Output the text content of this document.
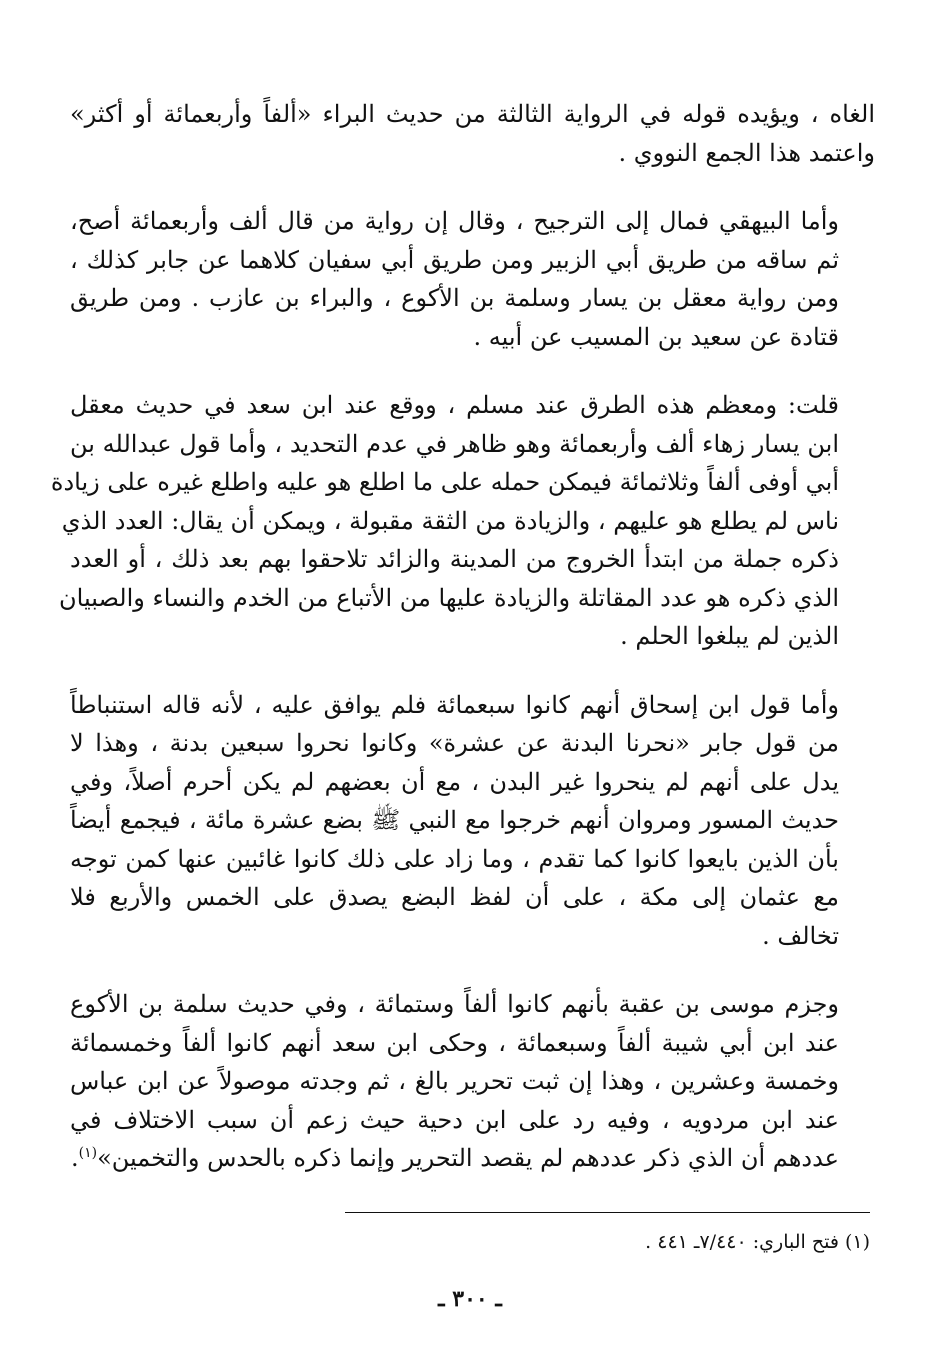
الغاه ، ويؤيده قوله في الرواية الثالثة من حديث البراء «ألفاً وأربعمائة أو أكثر»
واعتمد هذا الجمع النووي .

وأما البيهقي فمال إلى الترجيح ، وقال إن رواية من قال ألف وأربعمائة أصح،
ثم ساقه من طريق أبي الزبير ومن طريق أبي سفيان كلاهما عن جابر كذلك ،
ومن رواية معقل بن يسار وسلمة بن الأكوع ، والبراء بن عازب . ومن طريق
قتادة عن سعيد بن المسيب عن أبيه .

قلت: ومعظم هذه الطرق عند مسلم ، ووقع عند ابن سعد في حديث معقل
ابن يسار زهاء ألف وأربعمائة وهو ظاهر في عدم التحديد ، وأما قول عبدالله بن
أبي أوفى ألفاً وثلاثمائة فيمكن حمله على ما اطلع هو عليه واطلع غيره على زيادة
ناس لم يطلع هو عليهم ، والزيادة من الثقة مقبولة ، ويمكن أن يقال: العدد الذي
ذكره جملة من ابتدأ الخروج من المدينة والزائد تلاحقوا بهم بعد ذلك ، أو العدد
الذي ذكره هو عدد المقاتلة والزيادة عليها من الأتباع من الخدم والنساء والصبيان
الذين لم يبلغوا الحلم .

وأما قول ابن إسحاق أنهم كانوا سبعمائة فلم يوافق عليه ، لأنه قاله استنباطاً
من قول جابر «نحرنا البدنة عن عشرة» وكانوا نحروا سبعين بدنة ، وهذا لا
يدل على أنهم لم ينحروا غير البدن ، مع أن بعضهم لم يكن أحرم أصلاً، وفي
حديث المسور ومروان أنهم خرجوا مع النبي ﷺ بضع عشرة مائة ، فيجمع أيضاً
بأن الذين بايعوا كانوا كما تقدم ، وما زاد على ذلك كانوا غائبين عنها كمن توجه
مع عثمان إلى مكة ، على أن لفظ البضع يصدق على الخمس والأربع فلا
تخالف .

وجزم موسى بن عقبة بأنهم كانوا ألفاً وستمائة ، وفي حديث سلمة بن الأكوع
عند ابن أبي شيبة ألفاً وسبعمائة ، وحكى ابن سعد أنهم كانوا ألفاً وخمسمائة
وخمسة وعشرين ، وهذا إن ثبت تحرير بالغ ، ثم وجدته موصولاً عن ابن عباس
عند ابن مردويه ، وفيه رد على ابن دحية حيث زعم أن سبب الاختلاف في
عددهم أن الذي ذكر عددهم لم يقصد التحرير وإنما ذكره بالحدس والتخمين»$^{(١)}$.

(١) فتح الباري: ٧/٤٤٠ـ ٤٤١ .
ـ ٣٠٠ ـ
